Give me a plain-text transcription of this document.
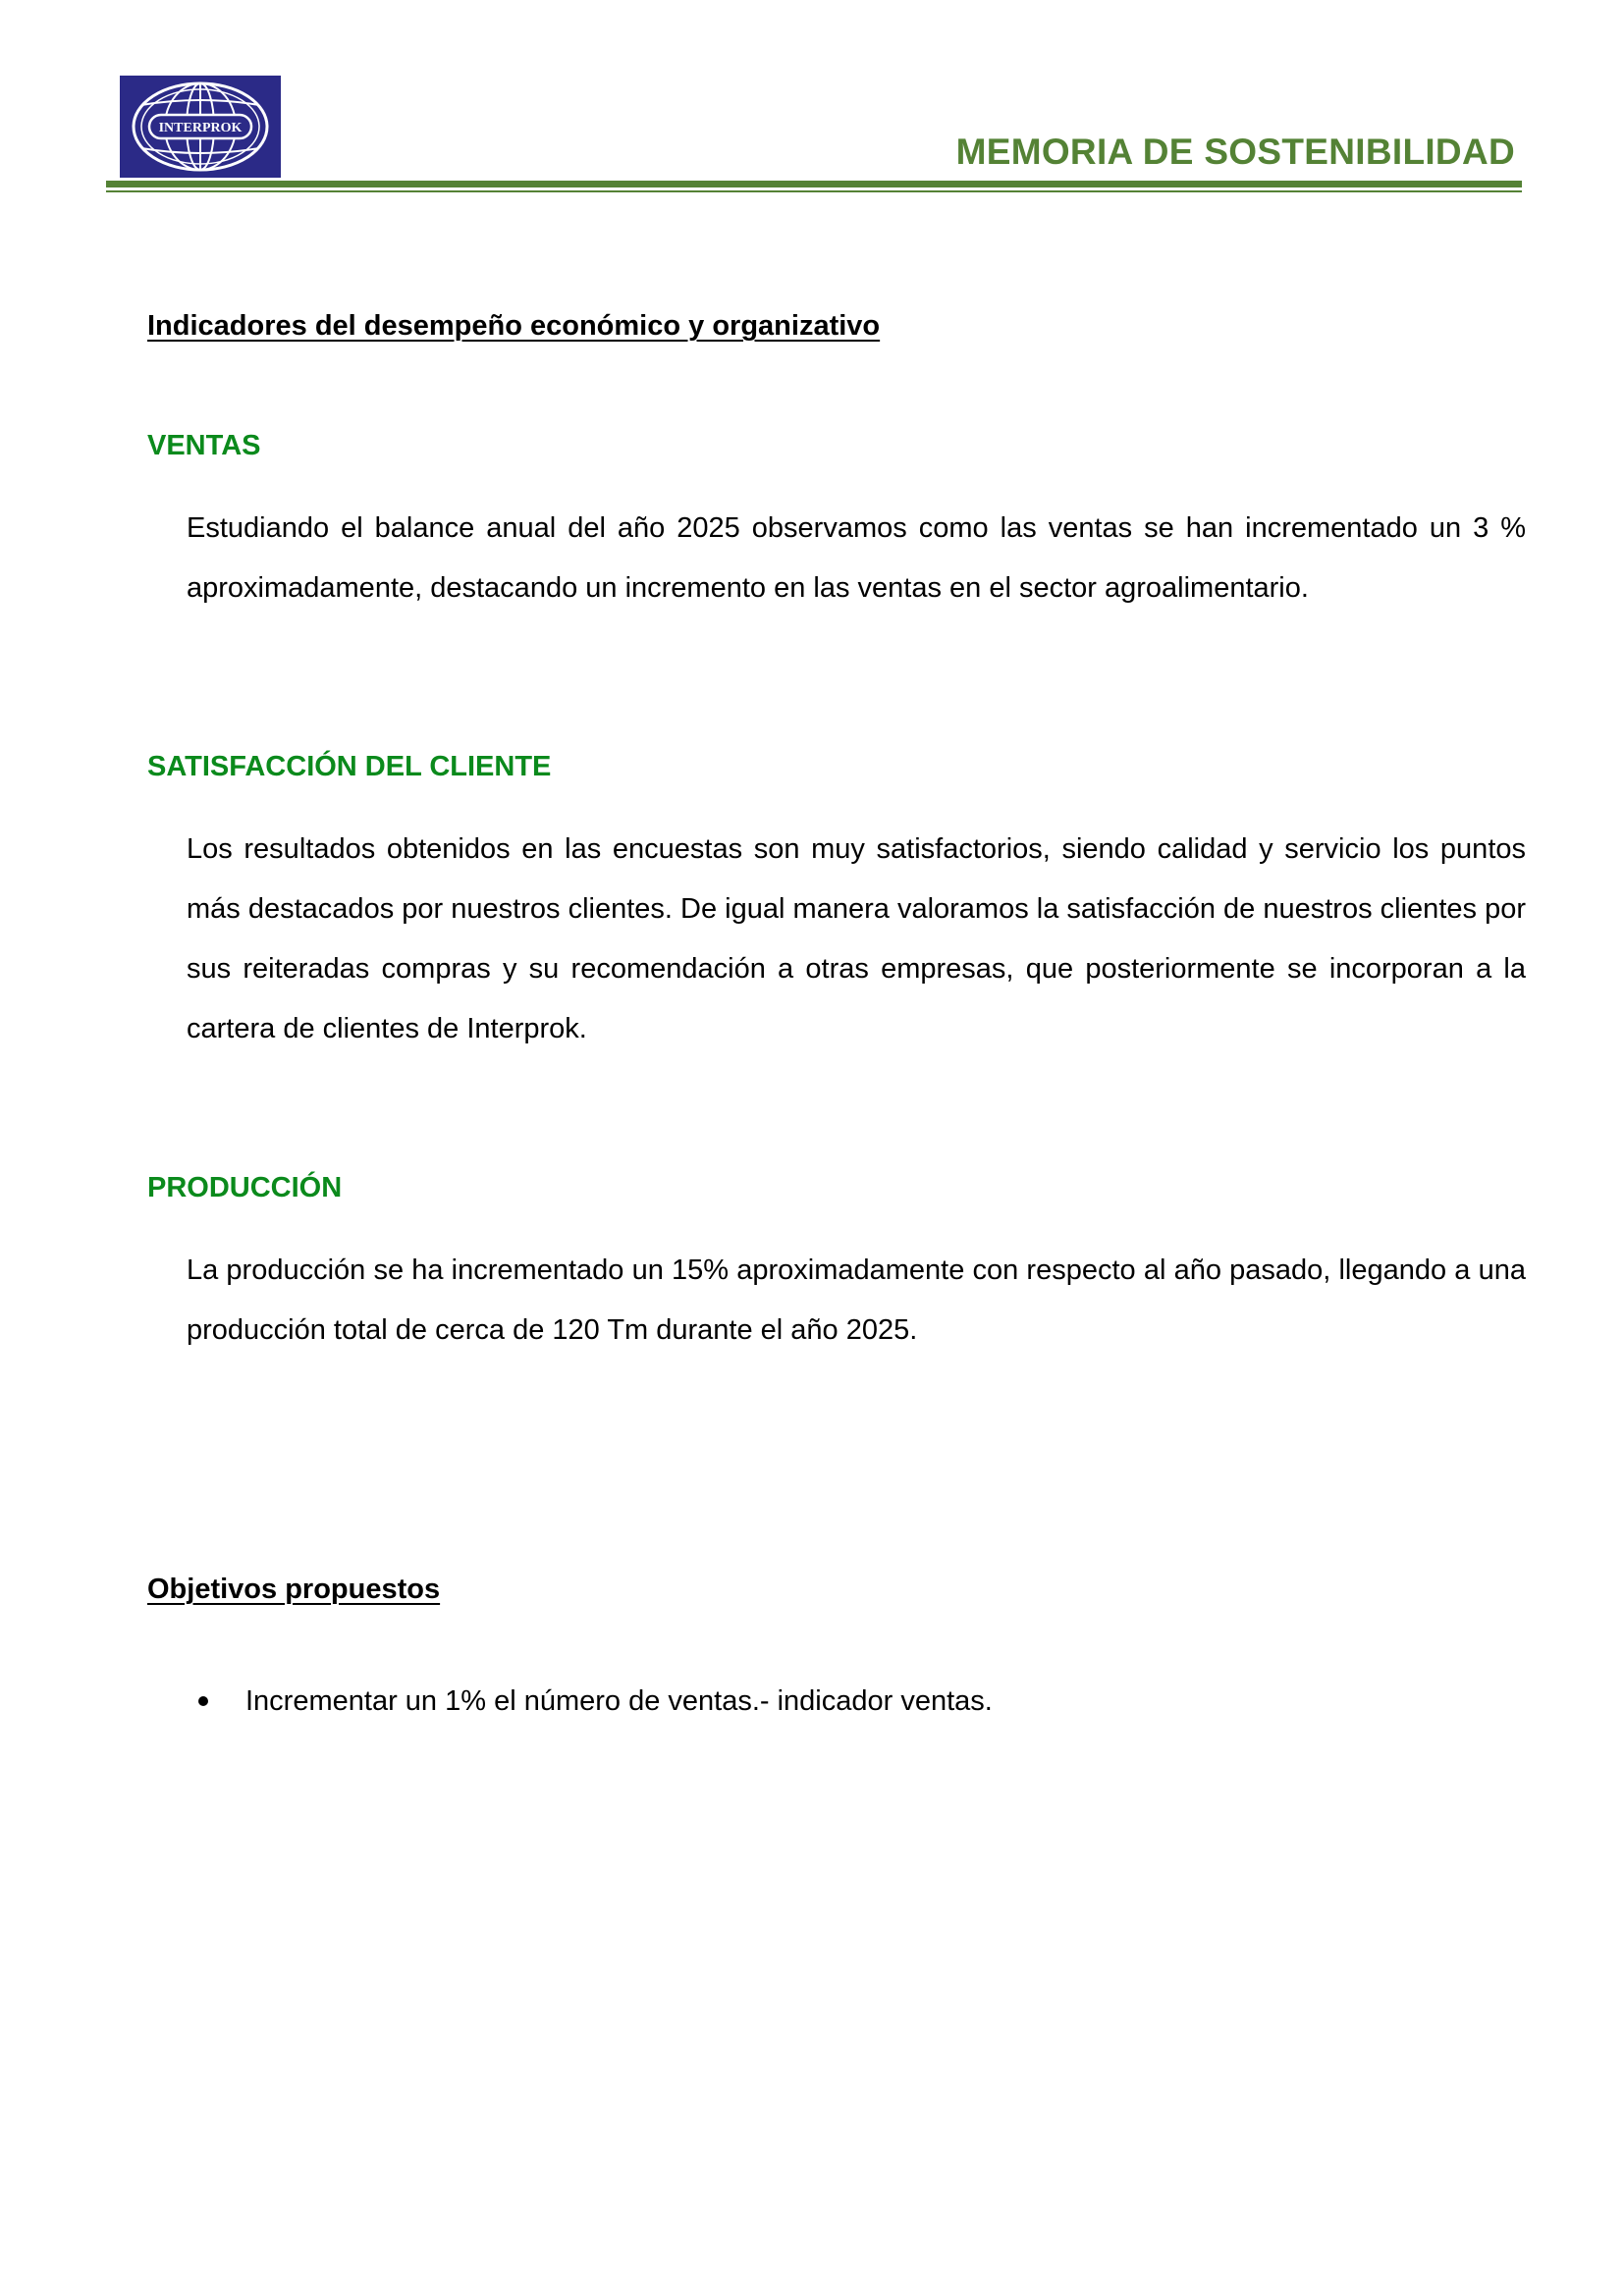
INTERPROK
MEMORIA DE SOSTENIBILIDAD
Indicadores del desempeño económico y organizativo
VENTAS
Estudiando el balance anual del año 2025 observamos como las ventas se han incrementado un 3 % aproximadamente, destacando un incremento en las ventas en el sector agroalimentario.
SATISFACCIÓN DEL CLIENTE
Los resultados obtenidos en las encuestas son muy satisfactorios, siendo calidad y servicio los puntos más destacados por nuestros clientes. De igual manera valoramos la satisfacción de nuestros clientes por sus reiteradas compras y su recomendación a otras empresas, que posteriormente se incorporan a la cartera de clientes de Interprok.
PRODUCCIÓN
La producción se ha incrementado un 15% aproximadamente con respecto al año pasado, llegando a una producción total de cerca de 120 Tm durante el año 2025.
Objetivos propuestos
Incrementar un 1% el número de ventas.- indicador ventas.
